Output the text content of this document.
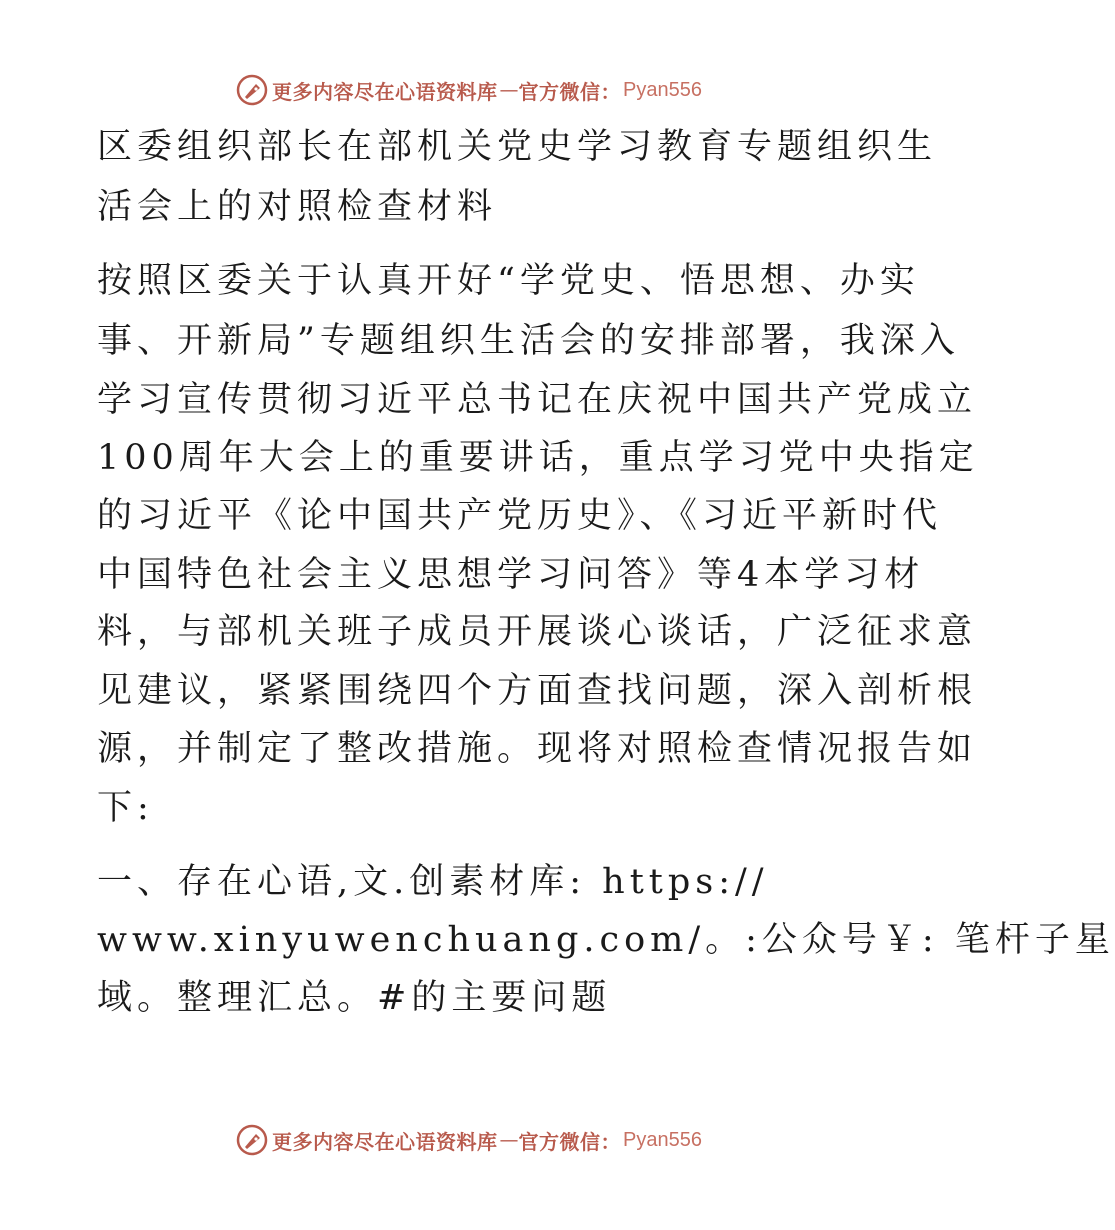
更多内容尽在心语资料库 — 官方微信： Pyan556
区委组织部长在部机关党史学习教育专题组织生
活会上的对照检查材料
按照区委关于认真开好“学党史、悟思想、办实
事、开新局”专题组织生活会的安排部署，我深入
学习宣传贯彻习近平总书记在庆祝中国共产党成立
100周年大会上的重要讲话，重点学习党中央指定
的习近平《论中国共产党历史》、《习近平新时代
中国特色社会主义思想学习问答》等4本学习材
料，与部机关班子成员开展谈心谈话，广泛征求意
见建议，紧紧围绕四个方面查找问题，深入剖析根
源，并制定了整改措施。现将对照检查情况报告如
下:
一、存在心语,文.创素材库: https://
www.xinyuwenchuang.com/。:公众号￥: 笔杆子星
域。整理汇总。#的主要问题
更多内容尽在心语资料库 — 官方微信： Pyan556
